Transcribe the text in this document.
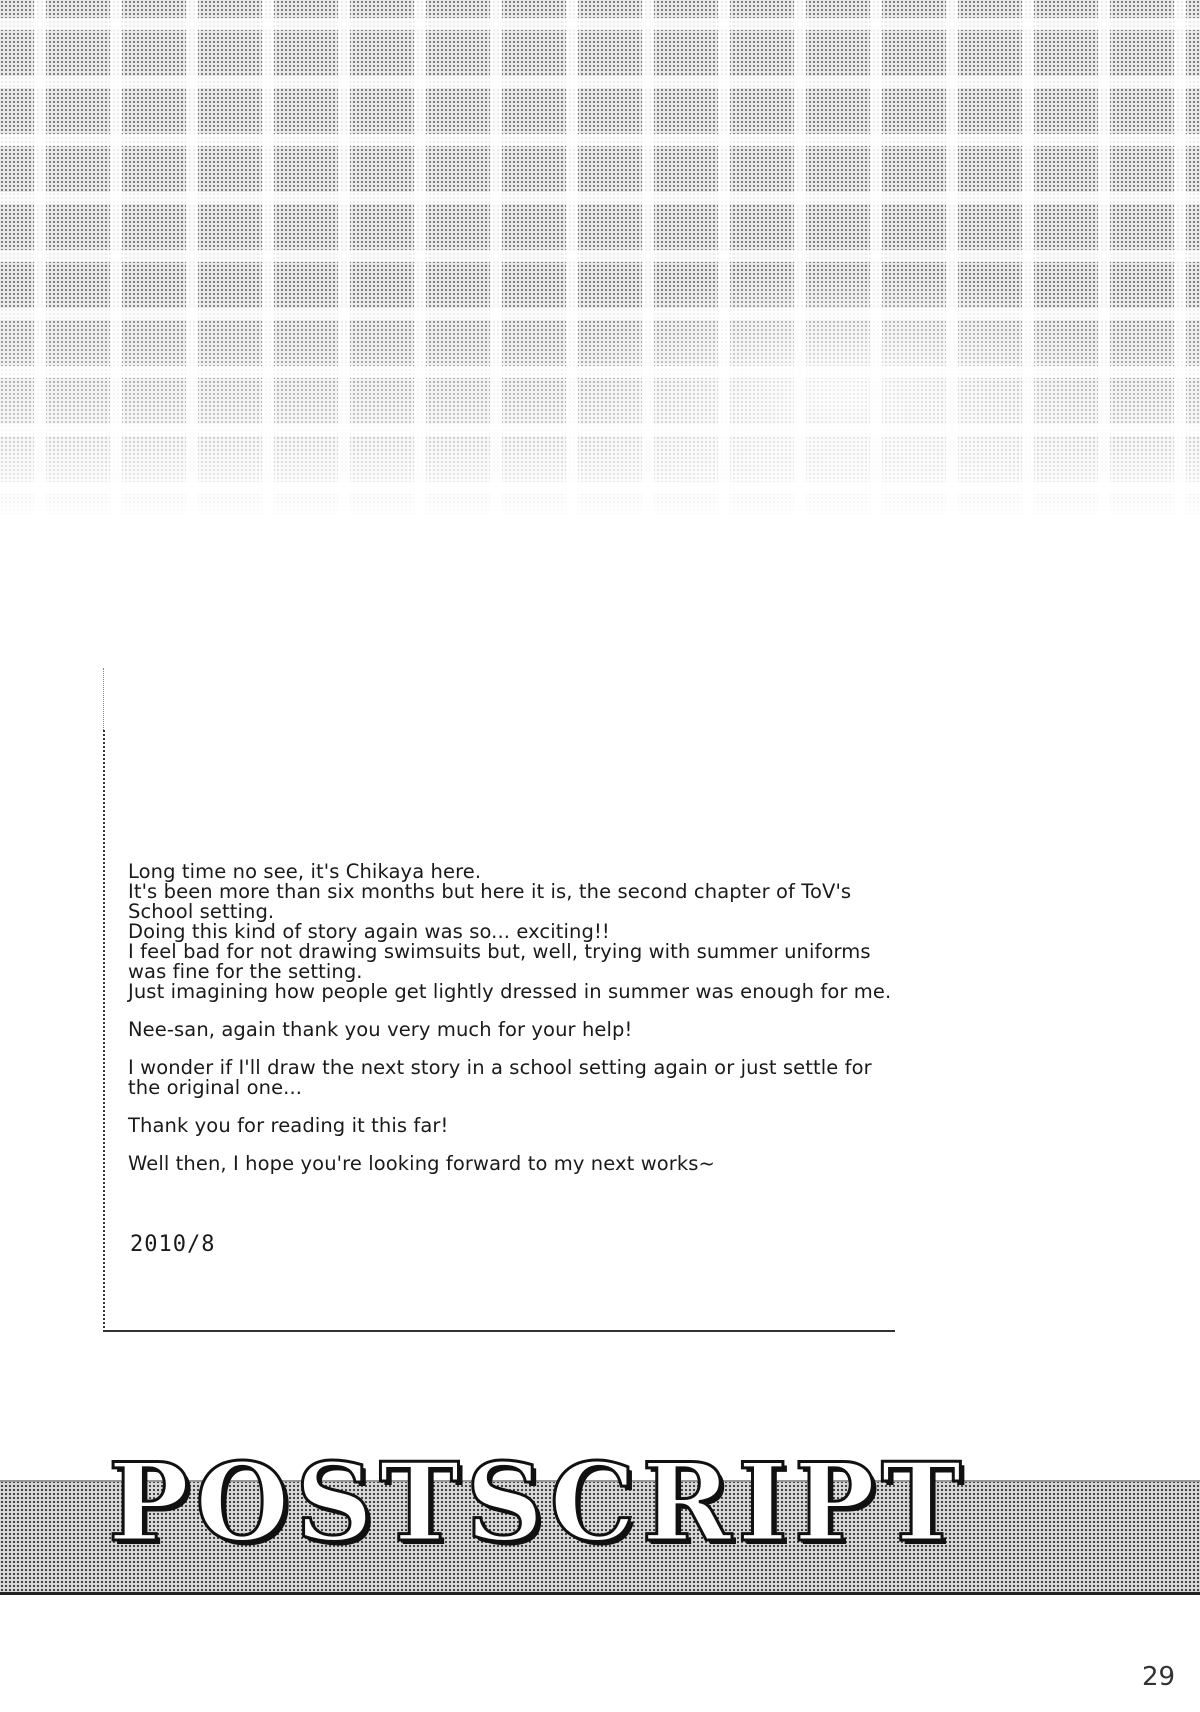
Long time no see, it's Chikaya here.
It's been more than six months but here it is, the second chapter of ToV's
School setting.
Doing this kind of story again was so... exciting!!
I feel bad for not drawing swimsuits but, well, trying with summer uniforms
was fine for the setting.
Just imagining how people get lightly dressed in summer was enough for me.

Nee-san, again thank you very much for your help!

I wonder if I'll draw the next story in a school setting again or just settle for
the original one...

Thank you for reading it this far!

Well then, I hope you're looking forward to my next works~

2010/8
POSTSCRIPT
29
